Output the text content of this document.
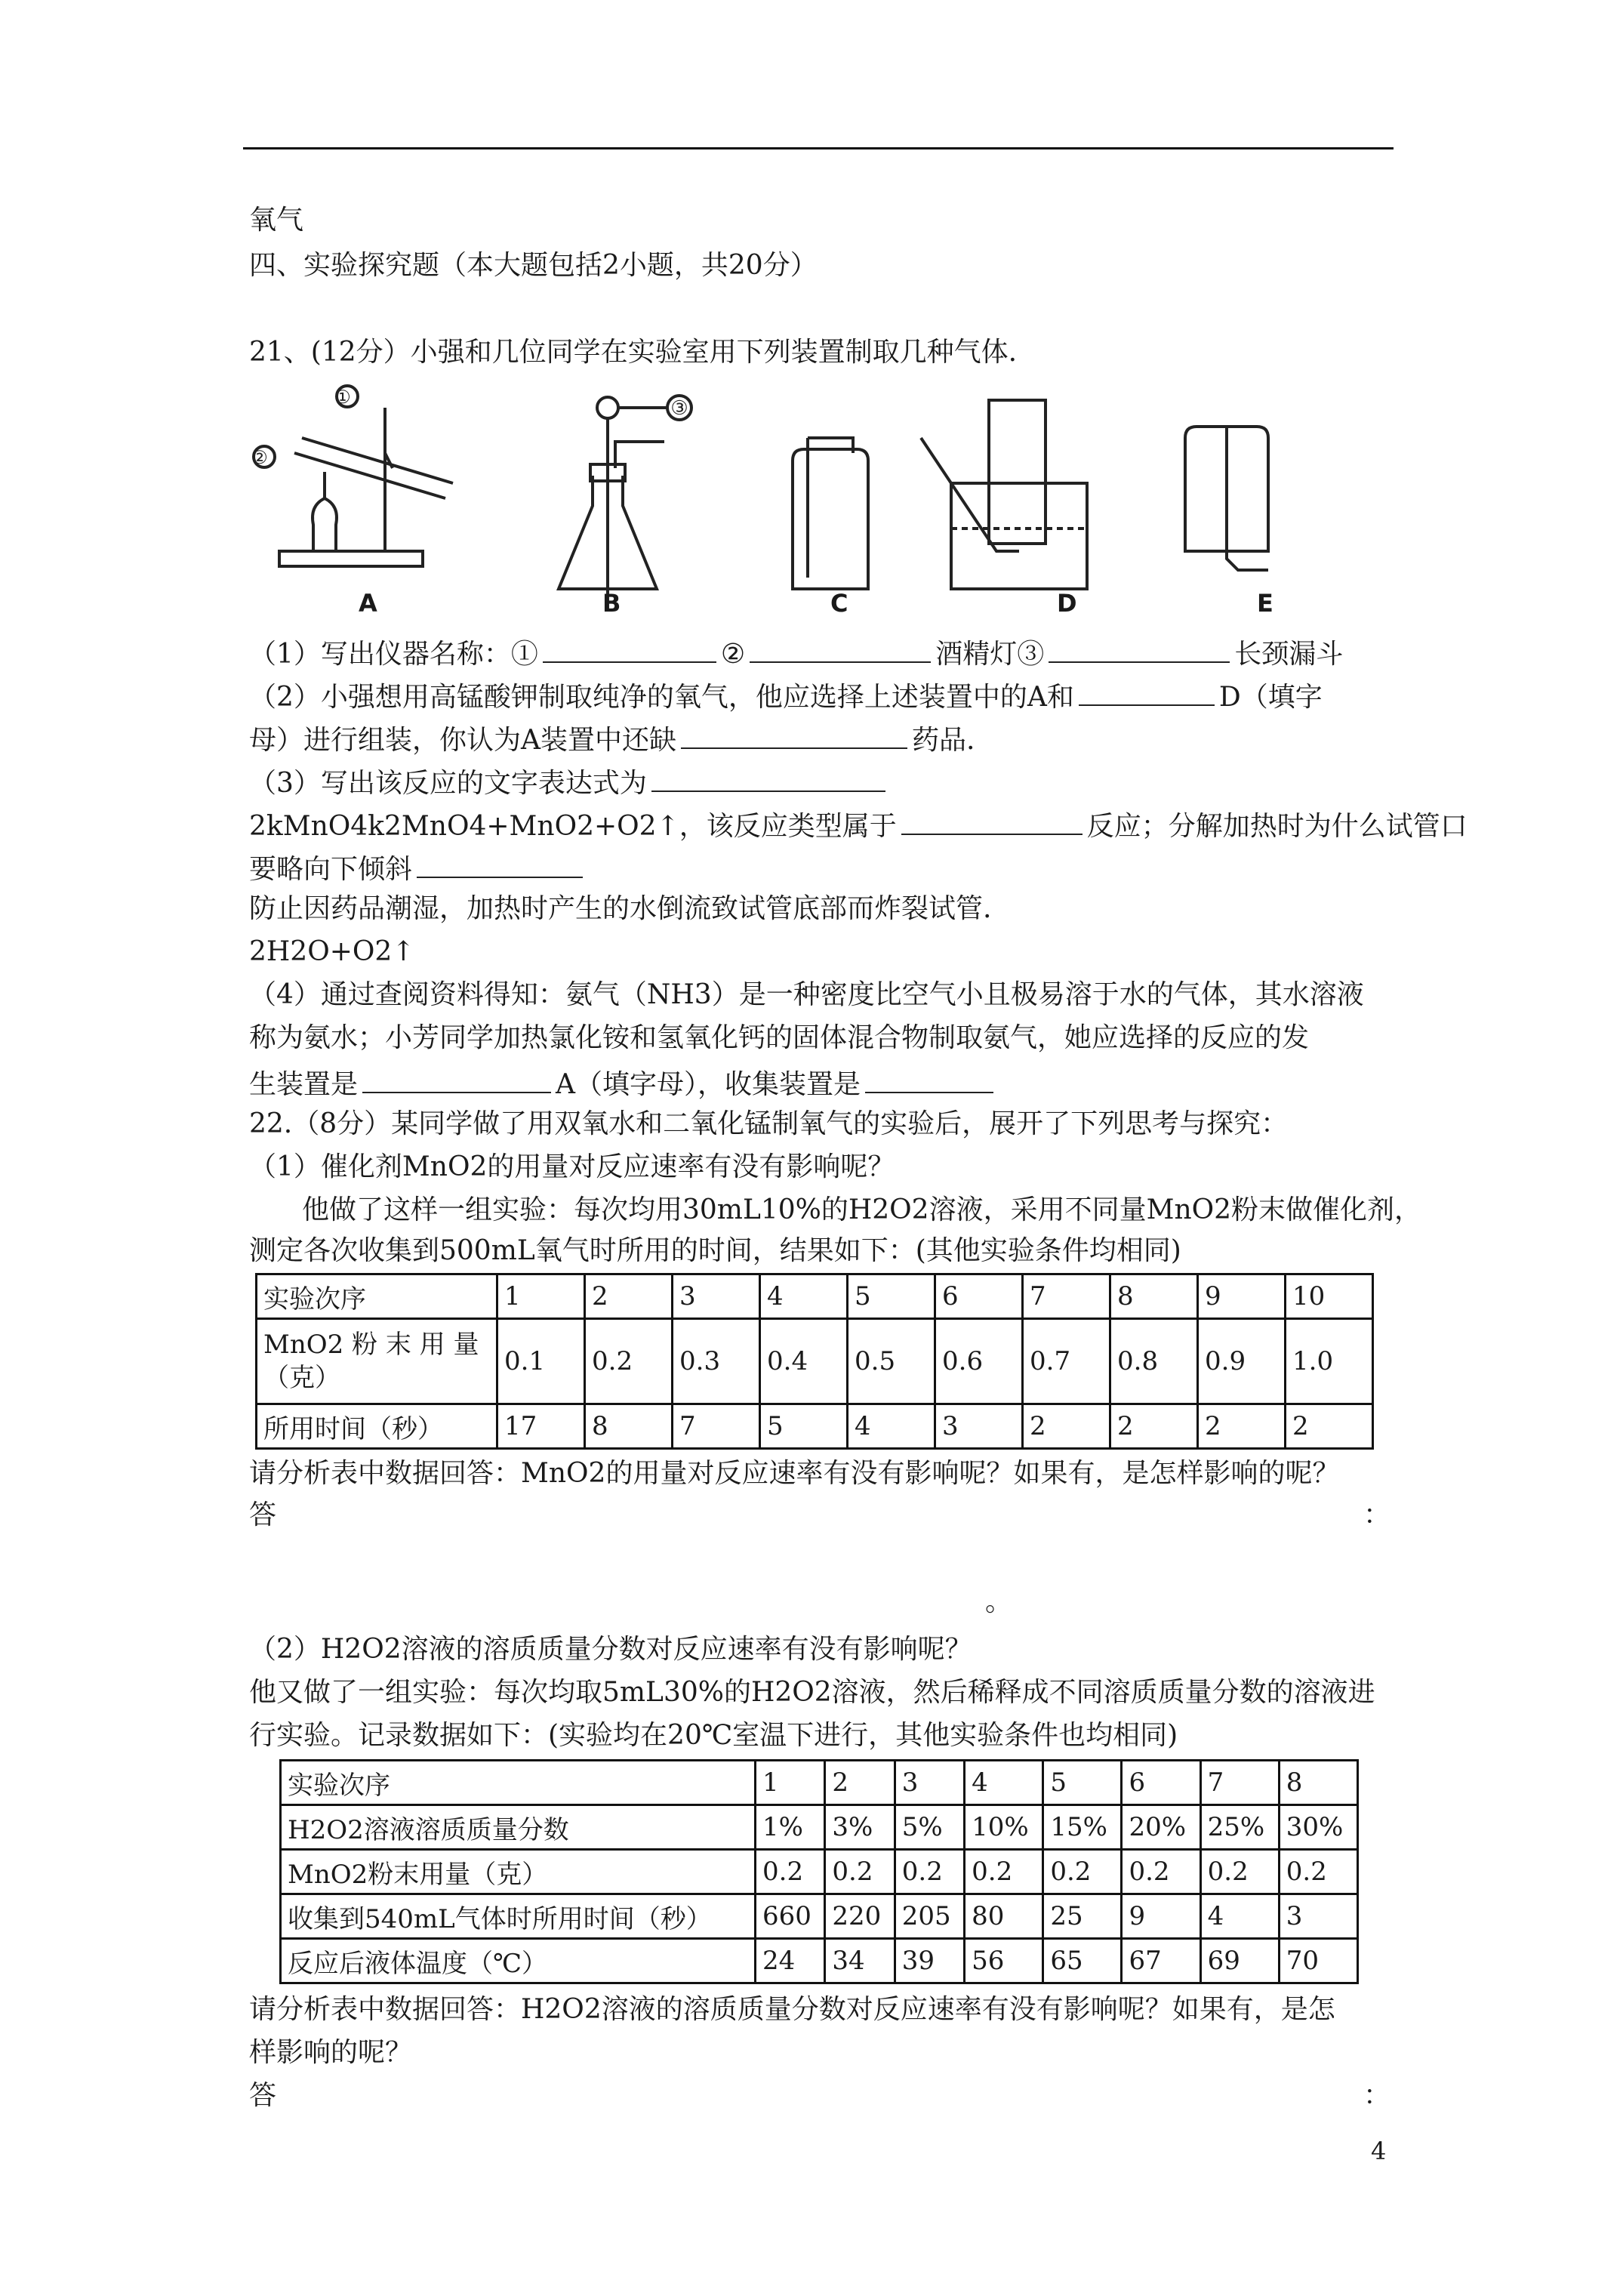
氧气
四、实验探究题（本大题包括2小题，共20分）
21、(12分）小强和几位同学在实验室用下列装置制取几种气体.
②
①	③
A	B	C	D	E
（1）写出仪器名称：①	②	酒精灯③	长颈漏斗
（2）小强想用高锰酸钾制取纯净的氧气，他应选择上述装置中的A和	D（填字
母）进行组装，你认为A装置中还缺	药品.
（3）写出该反应的文字表达式为
2kMnO4k2MnO4+MnO2+O2↑，该反应类型属于	反应；分解加热时为什么试管口
要略向下倾斜
防止因药品潮湿，加热时产生的水倒流致试管底部而炸裂试管.
2H2O+O2↑
（4）通过查阅资料得知：氨气（NH3）是一种密度比空气小且极易溶于水的气体，其水溶液
称为氨水；小芳同学加热氯化铵和氢氧化钙的固体混合物制取氨气，她应选择的反应的发
生装置是	A（填字母），收集装置是
22.（8分）某同学做了用双氧水和二氧化锰制氧气的实验后，展开了下列思考与探究：
（1）催化剂MnO2的用量对反应速率有没有影响呢？
他做了这样一组实验：每次均用30mL10%的H2O2溶液，采用不同量MnO2粉末做催化剂，
测定各次收集到500mL氧气时所用的时间，结果如下：(其他实验条件均相同)
实验次序	1	2	3	4	5	6	7	8	9	10
MnO2 粉 末 用 量
（克）	0.1	0.2	0.3	0.4	0.5	0.6	0.7	0.8	0.9	1.0
所用时间（秒）	17	8	7	5	4	3	2	2	2	2
请分析表中数据回答：MnO2的用量对反应速率有没有影响呢？如果有，是怎样影响的呢？
答	：
。
（2）H2O2溶液的溶质质量分数对反应速率有没有影响呢？
他又做了一组实验：每次均取5mL30%的H2O2溶液，然后稀释成不同溶质质量分数的溶液进
行实验。记录数据如下：(实验均在20℃室温下进行，其他实验条件也均相同)
实验次序	1	2	3	4	5	6	7	8
H2O2溶液溶质质量分数	1%	3%	5%	10%	15%	20%	25%	30%
MnO2粉末用量（克）	0.2	0.2	0.2	0.2	0.2	0.2	0.2	0.2
收集到540mL气体时所用时间（秒）	660	220	205	80	25	9	4	3
反应后液体温度（℃）	24	34	39	56	65	67	69	70
请分析表中数据回答：H2O2溶液的溶质质量分数对反应速率有没有影响呢？如果有，是怎
样影响的呢？
答	：
4
